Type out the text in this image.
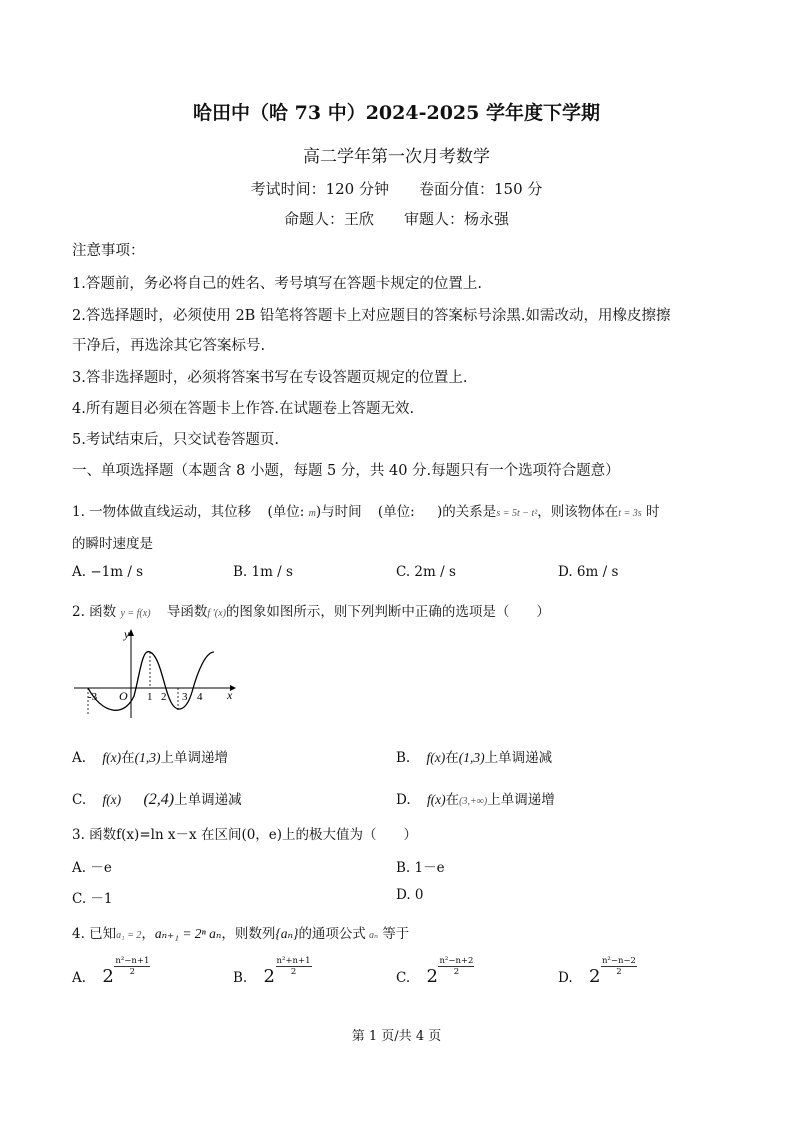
哈田中（哈 73 中）2024-2025 学年度下学期
高二学年第一次月考数学
考试时间：120 分钟　　卷面分值：150 分
命题人：王欣　　审题人：杨永强
注意事项：
1.答题前，务必将自己的姓名、考号填写在答题卡规定的位置上.
2.答选择题时，必须使用 2B 铅笔将答题卡上对应题目的答案标号涂黑.如需改动，用橡皮擦擦
干净后，再选涂其它答案标号.
3.答非选择题时，必须将答案书写在专设答题页规定的位置上.
4.所有题目必须在答题卡上作答.在试题卷上答题无效.
5.考试结束后，只交试卷答题页.
一、单项选择题（本题含 8 小题，每题 5 分，共 40 分.每题只有一个选项符合题意）
1. 一物体做直线运动，其位移 (单位: m)与时间 (单位: )的关系是s = 5t − t²，则该物体在t = 3s 时
的瞬时速度是
A. −1m / s	B. 1m / s	C. 2m / s	D. 6m / s
2. 函数 y = f(x) 导函数f ′(x)的图象如图所示，则下列判断中正确的选项是（　　）
y
x
O
-3	1 2 3 4
A. f(x)在(1,3)上单调递增	B. f(x)在(1,3)上单调递减
C. f(x) (2,4)上单调递减	D. f(x)在(3,+∞)上单调递增
3. 函数f(x)=ln x－x 在区间(0，e)上的极大值为（　　）
A. －e	B. 1－e
C. －1	D. 0
4. 已知a₁ = 2，aₙ₊₁ = 2ⁿ aₙ，则数列{aₙ}的通项公式 aₙ 等于
A. $2 \frac{\text{n²−n+1}}{2}$
B. $2 \frac{\text{n²+n+1}}{2}$
C. $2 \frac{\text{n²−n+2}}{2}$
D. $2 \frac{\text{n²−n−2}}{2}$
第 1 页/共 4 页
